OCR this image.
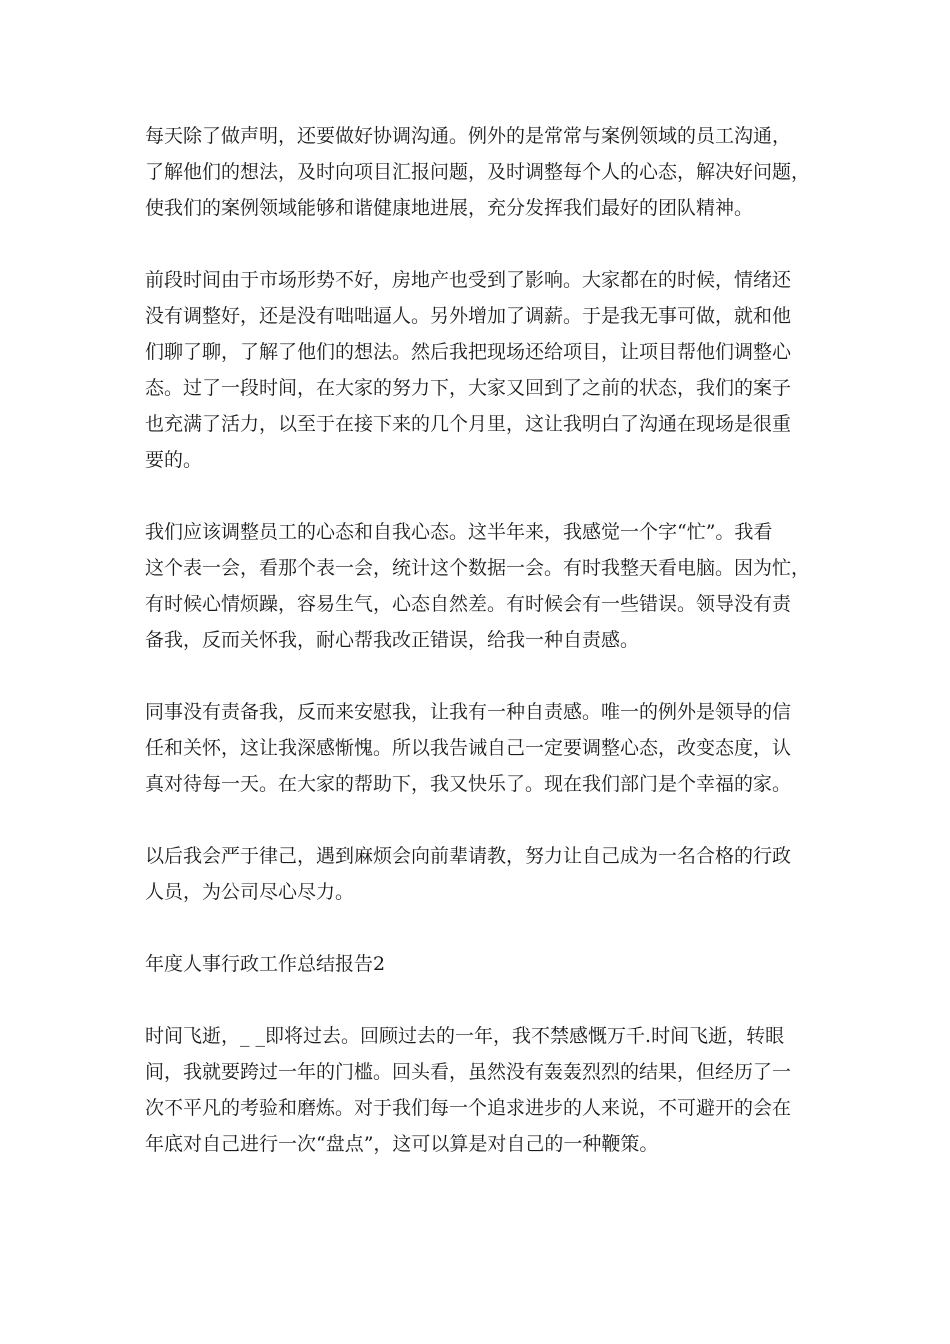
每天除了做声明，还要做好协调沟通。例外的是常常与案例领域的员工沟通，
了解他们的想法，及时向项目汇报问题，及时调整每个人的心态，解决好问题，
使我们的案例领域能够和谐健康地进展，充分发挥我们最好的团队精神。
前段时间由于市场形势不好，房地产也受到了影响。大家都在的时候，情绪还
没有调整好，还是没有咄咄逼人。另外增加了调薪。于是我无事可做，就和他
们聊了聊，了解了他们的想法。然后我把现场还给项目，让项目帮他们调整心
态。过了一段时间，在大家的努力下，大家又回到了之前的状态，我们的案子
也充满了活力，以至于在接下来的几个月里，这让我明白了沟通在现场是很重
要的。
我们应该调整员工的心态和自我心态。这半年来，我感觉一个字“忙”。我看
这个表一会，看那个表一会，统计这个数据一会。有时我整天看电脑。因为忙，
有时候心情烦躁，容易生气，心态自然差。有时候会有一些错误。领导没有责
备我，反而关怀我，耐心帮我改正错误，给我一种自责感。
同事没有责备我，反而来安慰我，让我有一种自责感。唯一的例外是领导的信
任和关怀，这让我深感惭愧。所以我告诫自己一定要调整心态，改变态度，认
真对待每一天。在大家的帮助下，我又快乐了。现在我们部门是个幸福的家。
以后我会严于律己，遇到麻烦会向前辈请教，努力让自己成为一名合格的行政
人员，为公司尽心尽力。
年度人事行政工作总结报告2
时间飞逝，_ _即将过去。回顾过去的一年，我不禁感慨万千.时间飞逝，转眼
间，我就要跨过一年的门槛。回头看，虽然没有轰轰烈烈的结果，但经历了一
次不平凡的考验和磨炼。对于我们每一个追求进步的人来说，不可避开的会在
年底对自己进行一次“盘点”，这可以算是对自己的一种鞭策。
